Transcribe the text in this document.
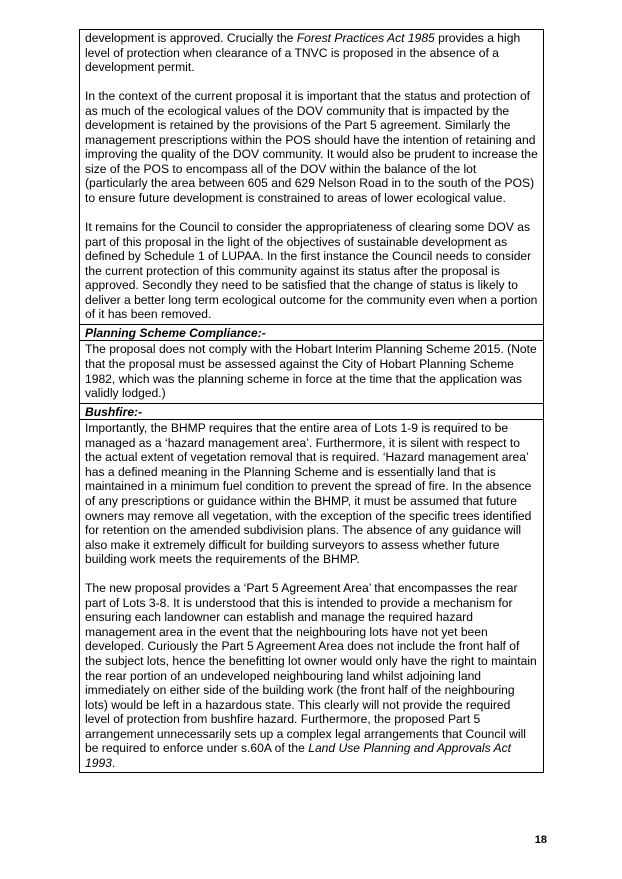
development is approved. Crucially the Forest Practices Act 1985 provides a high level of protection when clearance of a TNVC is proposed in the absence of a development permit.

In the context of the current proposal it is important that the status and protection of as much of the ecological values of the DOV community that is impacted by the development is retained by the provisions of the Part 5 agreement. Similarly the management prescriptions within the POS should have the intention of retaining and improving the quality of the DOV community. It would also be prudent to increase the size of the POS to encompass all of the DOV within the balance of the lot (particularly the area between 605 and 629 Nelson Road in to the south of the POS) to ensure future development is constrained to areas of lower ecological value.

It remains for the Council to consider the appropriateness of clearing some DOV as part of this proposal in the light of the objectives of sustainable development as defined by Schedule 1 of LUPAA. In the first instance the Council needs to consider the current protection of this community against its status after the proposal is approved. Secondly they need to be satisfied that the change of status is likely to deliver a better long term ecological outcome for the community even when a portion of it has been removed.

Planning Scheme Compliance:-

The proposal does not comply with the Hobart Interim Planning Scheme 2015. (Note that the proposal must be assessed against the City of Hobart Planning Scheme 1982, which was the planning scheme in force at the time that the application was validly lodged.)

Bushfire:-

Importantly, the BHMP requires that the entire area of Lots 1-9 is required to be managed as a ‘hazard management area’. Furthermore, it is silent with respect to the actual extent of vegetation removal that is required. ‘Hazard management area’ has a defined meaning in the Planning Scheme and is essentially land that is maintained in a minimum fuel condition to prevent the spread of fire. In the absence of any prescriptions or guidance within the BHMP, it must be assumed that future owners may remove all vegetation, with the exception of the specific trees identified for retention on the amended subdivision plans. The absence of any guidance will also make it extremely difficult for building surveyors to assess whether future building work meets the requirements of the BHMP.

The new proposal provides a ‘Part 5 Agreement Area’ that encompasses the rear part of Lots 3-8. It is understood that this is intended to provide a mechanism for ensuring each landowner can establish and manage the required hazard management area in the event that the neighbouring lots have not yet been developed. Curiously the Part 5 Agreement Area does not include the front half of the subject lots, hence the benefitting lot owner would only have the right to maintain the rear portion of an undeveloped neighbouring land whilst adjoining land immediately on either side of the building work (the front half of the neighbouring lots) would be left in a hazardous state. This clearly will not provide the required level of protection from bushfire hazard. Furthermore, the proposed Part 5 arrangement unnecessarily sets up a complex legal arrangements that Council will be required to enforce under s.60A of the Land Use Planning and Approvals Act 1993.

18
